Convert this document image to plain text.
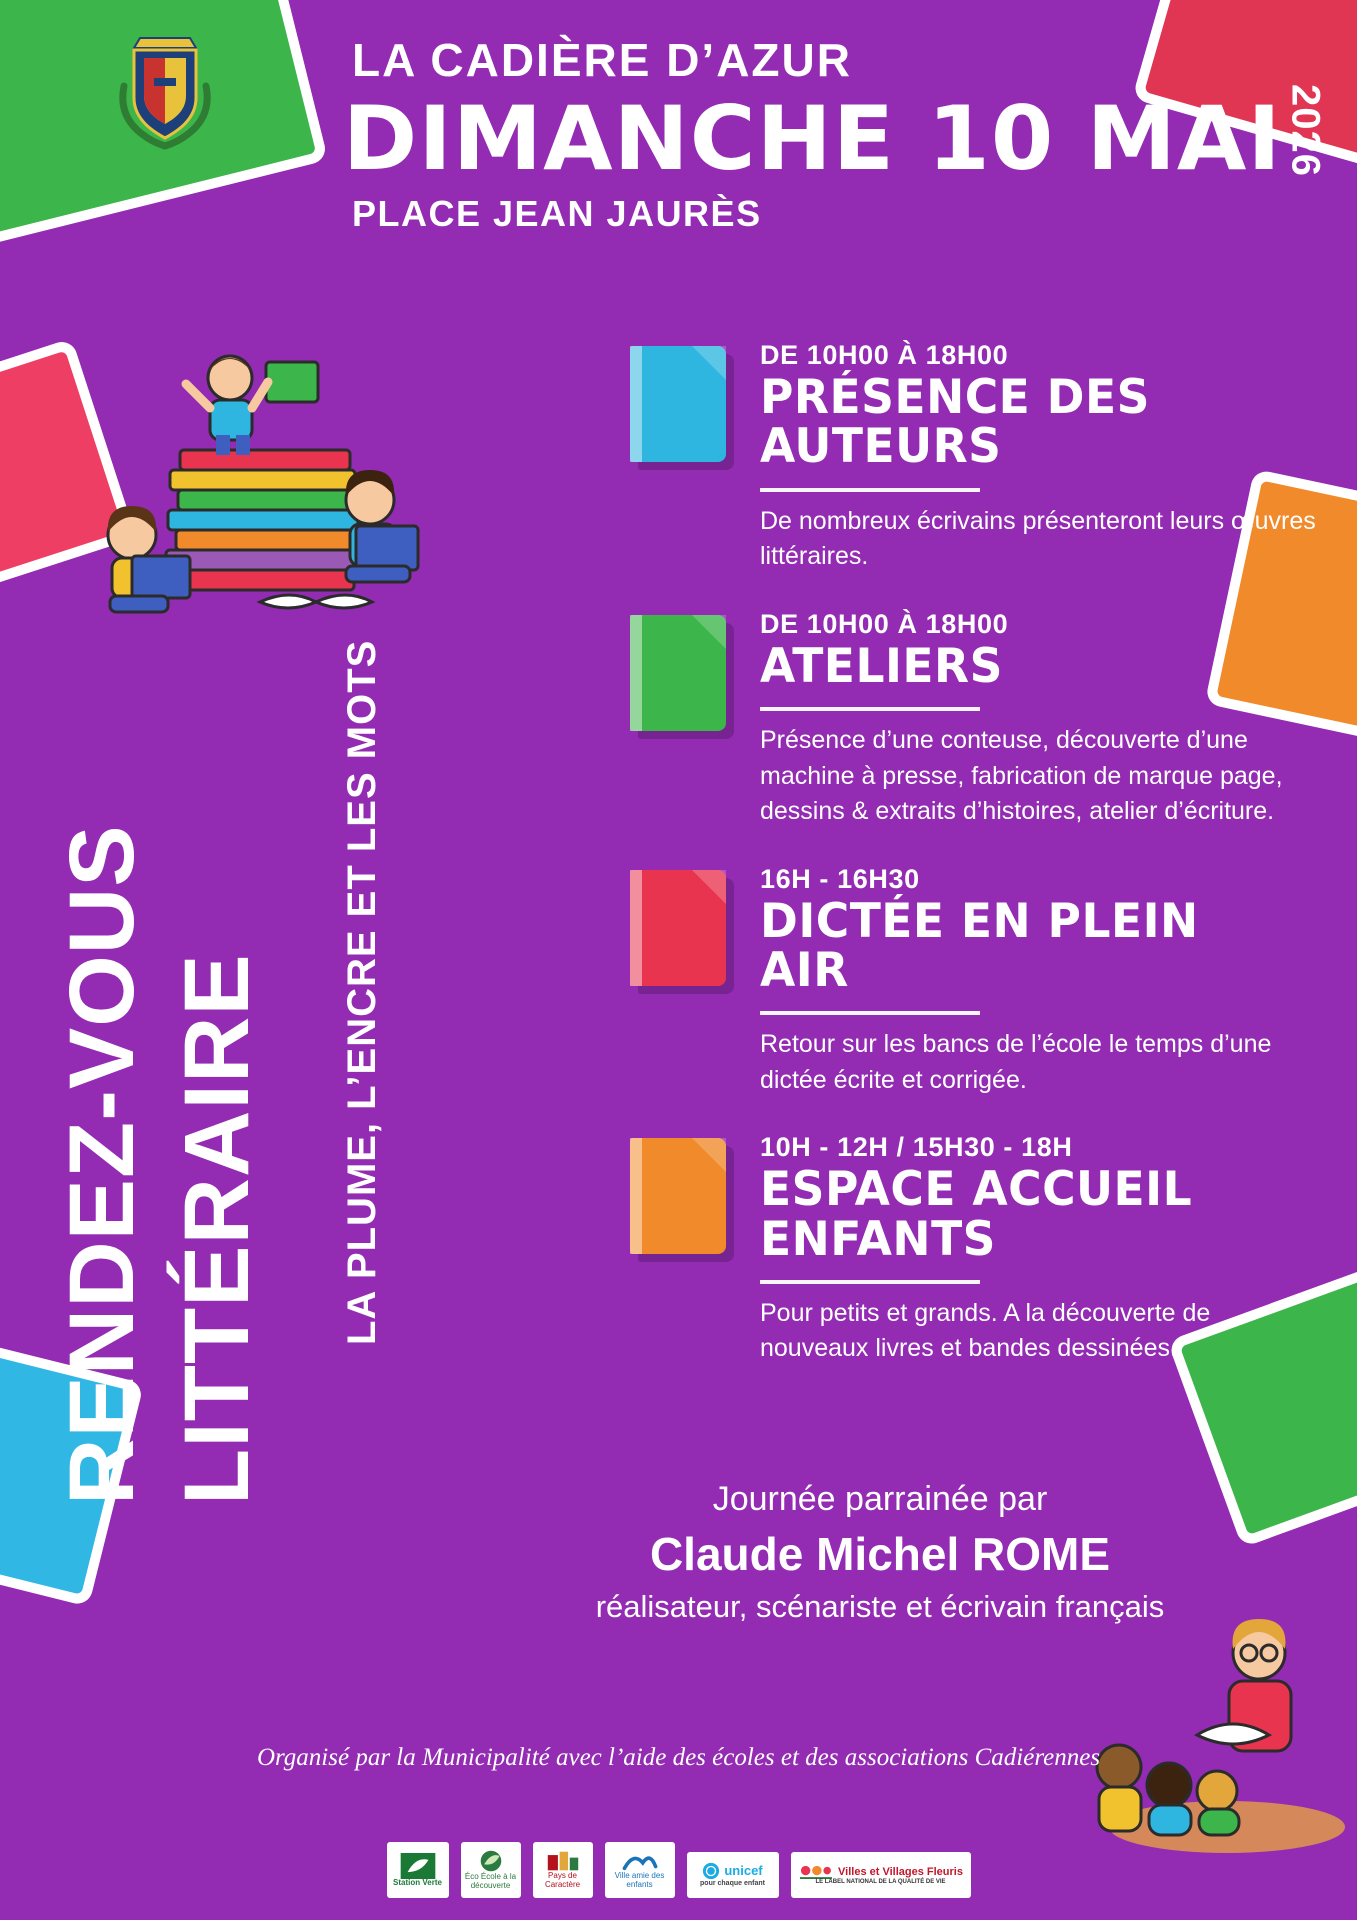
LA CADIÈRE D’AZUR
DIMANCHE 10 MAI 2026
PLACE JEAN JAURÈS
RENDEZ-VOUS LITTÉRAIRE LA PLUME, L’ENCRE ET LES MOTS
DE 10H00 À 18H00
PRÉSENCE DES AUTEURS
De nombreux écrivains présenteront leurs œuvres littéraires.
DE 10H00 À 18H00
ATELIERS
Présence d’une conteuse, découverte d’une machine à presse, fabrication de marque page, dessins & extraits d’histoires, atelier d’écriture.
16H - 16H30
DICTÉE EN PLEIN AIR
Retour sur les bancs de l’école le temps d’une dictée écrite et corrigée.
10H - 12H / 15H30 - 18H
ESPACE ACCUEIL ENFANTS
Pour petits et grands. A la découverte de nouveaux livres et bandes dessinées.
Journée parrainée par
Claude Michel ROME
réalisateur, scénariste et écrivain français
Organisé par la Municipalité avec l’aide des écoles et des associations Cadiérennes
Station Verte
Éco École à la découverte
Pays de Caractère
Ville amie des enfants
unicef
pour chaque enfant
Villes et Villages Fleuris
LE LABEL NATIONAL DE LA QUALITÉ DE VIE
